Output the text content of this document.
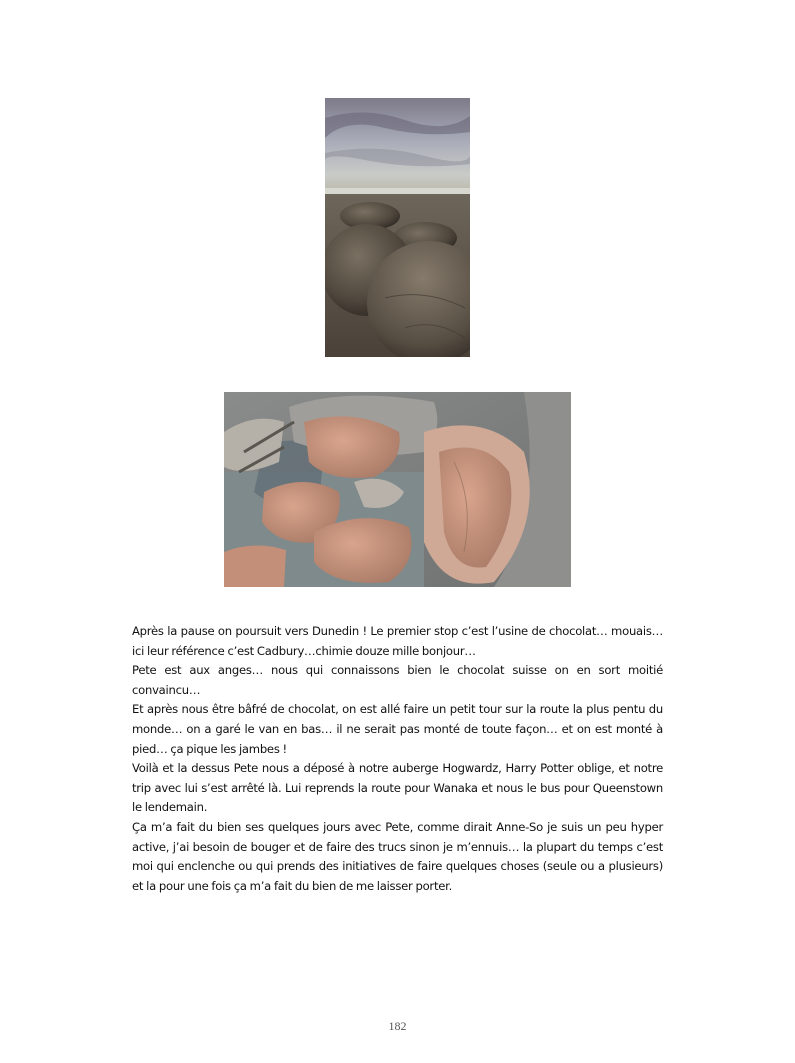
Après la pause on poursuit vers Dunedin ! Le premier stop c’est l’usine de chocolat… mouais… ici leur référence c’est Cadbury…chimie douze mille bonjour…

Pete est aux anges… nous qui connaissons bien le chocolat suisse on en sort moitié convaincu…

Et après nous être bâfré de chocolat, on est allé faire un petit tour sur la route la plus pentu du monde… on a garé le van en bas… il ne serait pas monté de toute façon… et on est monté à pied… ça pique les jambes !

Voilà et la dessus Pete nous a déposé à notre auberge Hogwardz, Harry Potter oblige, et notre trip avec lui s’est arrêté là. Lui reprends la route pour Wanaka et nous le bus pour Queenstown le lendemain.

Ça m’a fait du bien ses quelques jours avec Pete, comme dirait Anne-So je suis un peu hyper active, j’ai besoin de bouger et de faire des trucs sinon je m’ennuis… la plupart du temps c’est moi qui enclenche ou qui prends des initiatives de faire quelques choses (seule ou a plusieurs) et la pour une fois ça m’a fait du bien de me laisser porter.

182
